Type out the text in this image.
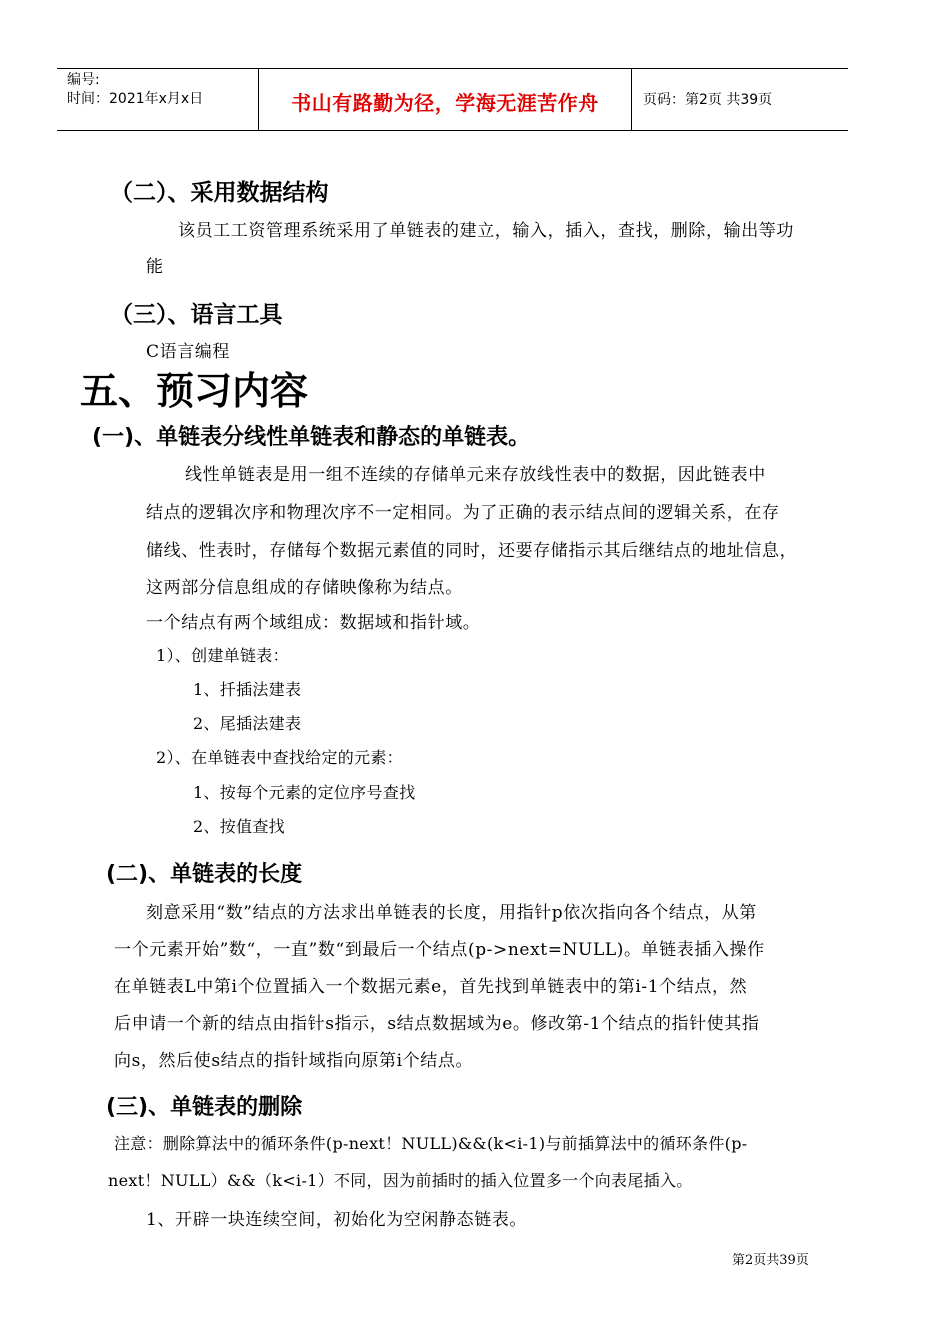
编号:
时间：2021年x月x日	书山有路勤为径，学海无涯苦作舟	页码：第2页 共39页
（二）、采用数据结构
该员工工资管理系统采用了单链表的建立，输入，插入，查找，删除，输出等功
能
（三）、语言工具
C语言编程
五、预习内容
(一)、单链表分线性单链表和静态的单链表。
线性单链表是用一组不连续的存储单元来存放线性表中的数据，因此链表中
结点的逻辑次序和物理次序不一定相同。为了正确的表示结点间的逻辑关系，在存
储线、性表时，存储每个数据元素值的同时，还要存储指示其后继结点的地址信息，
这两部分信息组成的存储映像称为结点。
一个结点有两个域组成：数据域和指针域。
1）、创建单链表：
1、扦插法建表
2、尾插法建表
2）、在单链表中查找给定的元素：
1、按每个元素的定位序号查找
2、按值查找
(二)、单链表的长度
刻意采用“数”结点的方法求出单链表的长度，用指针p依次指向各个结点，从第
一个元素开始”数“，一直”数“到最后一个结点(p->next=NULL)。单链表插入操作
在单链表L中第i个位置插入一个数据元素e，首先找到单链表中的第i-1个结点，然
后申请一个新的结点由指针s指示，s结点数据域为e。修改第-1个结点的指针使其指
向s，然后使s结点的指针域指向原第i个结点。
(三)、单链表的删除
注意：删除算法中的循环条件(p-next！NULL)&&(k<i-1)与前插算法中的循环条件(p-
next！NULL）&&（k<i-1）不同，因为前插时的插入位置多一个向表尾插入。
1、开辟一块连续空间，初始化为空闲静态链表。
第2页共39页
